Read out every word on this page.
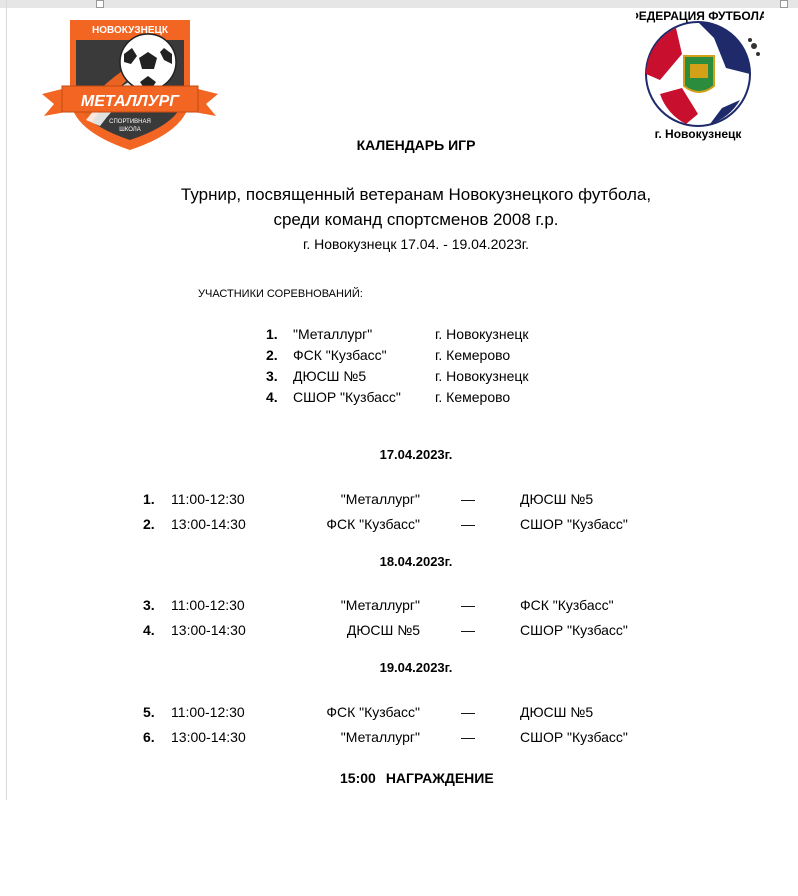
НОВОКУЗНЕЦК
МЕТАЛЛУРГ
СПОРТИВНАЯ
ШКОЛА
ФЕДЕРАЦИЯ ФУТБОЛА
г. Новокузнецк
КАЛЕНДАРЬ ИГР
Турнир, посвященный ветеранам Новокузнецкого футбола,
среди команд спортсменов 2008 г.р.
г. Новокузнецк 17.04. - 19.04.2023г.
УЧАСТНИКИ СОРЕВНОВАНИЙ:
1. "Металлург"	г. Новокузнецк
2. ФСК "Кузбасс"	г. Кемерово
3. ДЮСШ №5	г. Новокузнецк
4. СШОР "Кузбасс" г. Кемерово
17.04.2023г.
1. 11:00-12:30	"Металлург"	—	ДЮСШ №5
2. 13:00-14:30	ФСК "Кузбасс"	—	СШОР "Кузбасс"
18.04.2023г.
3. 11:00-12:30	"Металлург"	—	ФСК "Кузбасс"
4. 13:00-14:30	ДЮСШ №5	—	СШОР "Кузбасс"
19.04.2023г.
5. 11:00-12:30	ФСК "Кузбасс"	—	ДЮСШ №5
6. 13:00-14:30	"Металлург"	—	СШОР "Кузбасс"
15:00 НАГРАЖДЕНИЕ
